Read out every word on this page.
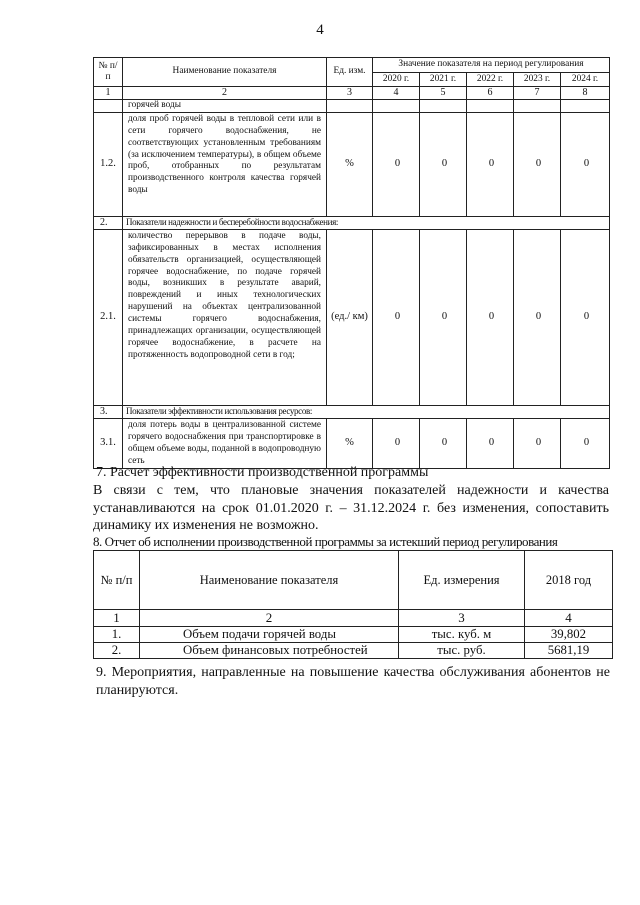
4
№ п/п	Наименование показателя	Ед. изм.	Значение показателя на период регулирования				
			2020 г.	2021 г.	2022 г.	2023 г.	2024 г.
1	2	3	4	5	6	7	8
	горячей воды						
1.2.	доля проб горячей воды в тепловой сети или в сети горячего водоснабжения, не соответствующих установленным требованиям (за исключением температуры), в общем объеме проб, отобранных по результатам производственного контроля качества горячей воды	%	0	0	0	0	0
2.	Показатели надежности и бесперебойности водоснабжения:						
2.1.	количество перерывов в подаче воды, зафиксированных в местах исполнения обязательств организацией, осуществляющей горячее водоснабжение, по подаче горячей воды, возникших в результате аварий, повреждений и иных технологических нарушений на объектах централизованной системы горячего водоснабжения, принадлежащих организации, осуществляющей горячее водоснабжение, в расчете на протяженность водопроводной сети в год;	(ед./ км)	0	0	0	0	0
3.	Показатели эффективности использования ресурсов:						
3.1.	доля потерь воды в централизованной системе горячего водоснабжения при транспортировке в общем объеме воды, поданной в водопроводную сеть	%	0	0	0	0	0
7. Расчет эффективности производственной программы
В связи с тем, что плановые значения показателей надежности и качества устанавливаются на срок 01.01.2020 г. – 31.12.2024 г. без изменения, сопоставить динамику их изменения не возможно.
8. Отчет об исполнении производственной программы за истекший период регулирования
№ п/п	Наименование показателя	Ед. измерения	2018 год
1	2	3	4
1.	Объем подачи горячей воды	тыс. куб. м	39,802
2.	Объем финансовых потребностей	тыс. руб.	5681,19
9. Мероприятия, направленные на повышение качества обслуживания абонентов не планируются.
